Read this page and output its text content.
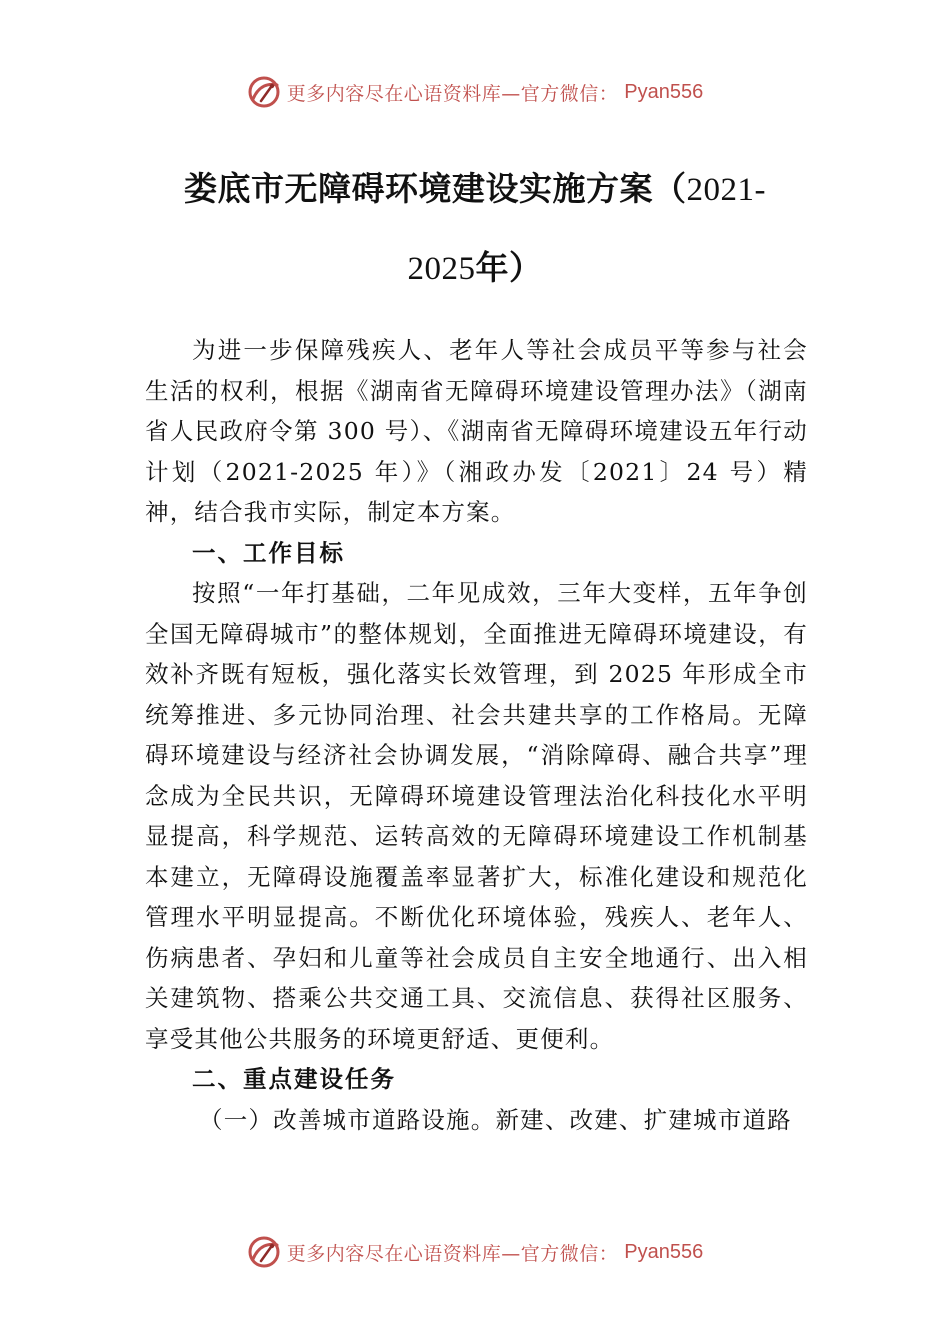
更多内容尽在心语资料库—官方微信： Pyan556
娄底市无障碍环境建设实施方案（2021-
2025年）

为进一步保障残疾人、老年人等社会成员平等参与社会生活的权利，根据《湖南省无障碍环境建设管理办法》（湖南省人民政府令第 300 号）、《湖南省无障碍环境建设五年行动计划（2021-2025 年）》（湘政办发〔2021〕24 号）精神，结合我市实际，制定本方案。

一、工作目标

按照“一年打基础，二年见成效，三年大变样，五年争创全国无障碍城市”的整体规划，全面推进无障碍环境建设，有效补齐既有短板，强化落实长效管理，到 2025 年形成全市统筹推进、多元协同治理、社会共建共享的工作格局。无障碍环境建设与经济社会协调发展，“消除障碍、融合共享”理念成为全民共识，无障碍环境建设管理法治化科技化水平明显提高，科学规范、运转高效的无障碍环境建设工作机制基本建立，无障碍设施覆盖率显著扩大，标准化建设和规范化管理水平明显提高。不断优化环境体验，残疾人、老年人、 伤病患者、孕妇和儿童等社会成员自主安全地通行、出入相关建筑物、搭乘公共交通工具、交流信息、获得社区服务、 享受其他公共服务的环境更舒适、更便利。

二、重点建设任务

（一）改善城市道路设施。新建、改建、扩建城市道路

更多内容尽在心语资料库—官方微信： Pyan556
